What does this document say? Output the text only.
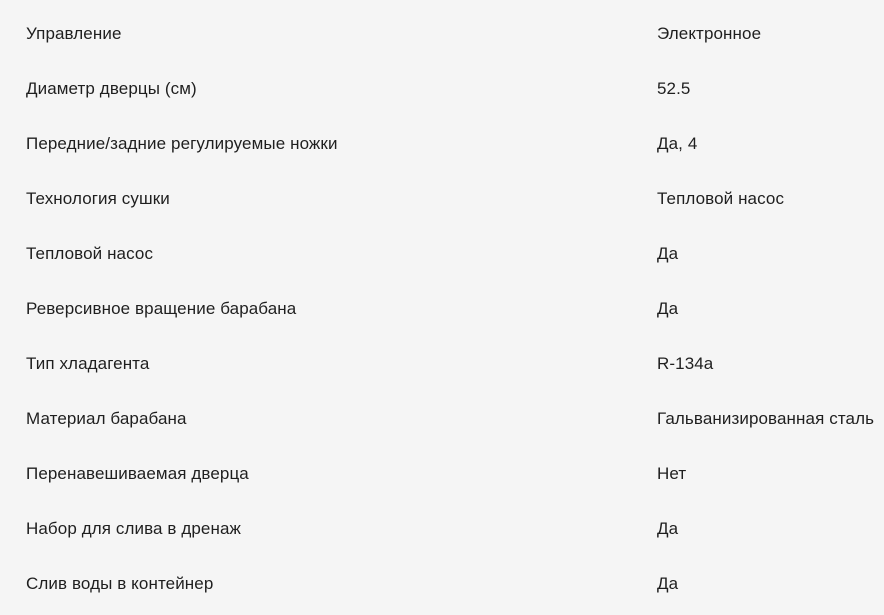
Управление	Электронное
Диаметр дверцы (см)	52.5
Передние/задние регулируемые ножки	Да, 4
Технология сушки	Тепловой насос
Тепловой насос	Да
Реверсивное вращение барабана	Да
Тип хладагента	R-134a
Материал барабана	Гальванизированная сталь
Перенавешиваемая дверца	Нет
Набор для слива в дренаж	Да
Слив воды в контейнер	Да
